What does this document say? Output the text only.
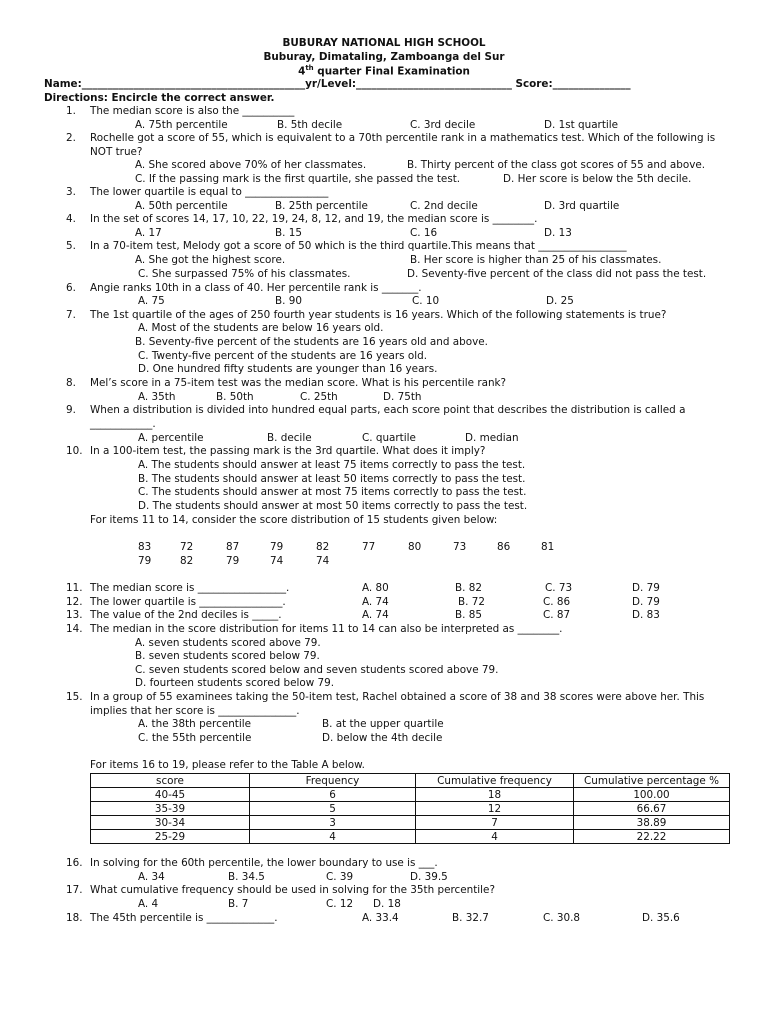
BUBURAY NATIONAL HIGH SCHOOL
Buburay, Dimataling, Zamboanga del Sur
4th quarter Final Examination
Name:___________________________________________yr/Level:______________________________ Score:_______________
Directions: Encircle the correct answer.
1. The median score is also the __________
A. 75th percentile	B. 5th decile	C. 3rd decile	D. 1st quartile
2. Rochelle got a score of 55, which is equivalent to a 70th percentile rank in a mathematics test. Which of the following is NOT true?
A. She scored above 70% of her classmates.	B. Thirty percent of the class got scores of 55 and above.
C. If the passing mark is the first quartile, she passed the test.	D. Her score is below the 5th decile.
3. The lower quartile is equal to ________________
A. 50th percentile	B. 25th percentile	C. 2nd decile	D. 3rd quartile
4. In the set of scores 14, 17, 10, 22, 19, 24, 8, 12, and 19, the median score is ________.
A. 17	B. 15	C. 16	D. 13
5. In a 70-item test, Melody got a score of 50 which is the third quartile.This means that _________________
A. She got the highest score.	B. Her score is higher than 25 of his classmates.
C. She surpassed 75% of his classmates.	D. Seventy-five percent of the class did not pass the test.
6. Angie ranks 10th in a class of 40. Her percentile rank is _______.
A. 75	B. 90	C. 10	D. 25
7. The 1st quartile of the ages of 250 fourth year students is 16 years. Which of the following statements is true?
A. Most of the students are below 16 years old.
B. Seventy-five percent of the students are 16 years old and above.
C. Twenty-five percent of the students are 16 years old.
D. One hundred fifty students are younger than 16 years.
8. Mel’s score in a 75-item test was the median score. What is his percentile rank?
A. 35th	B. 50th	C. 25th	D. 75th
9. When a distribution is divided into hundred equal parts, each score point that describes the distribution is called a ____________.
A. percentile	B. decile	C. quartile	D. median
10. In a 100-item test, the passing mark is the 3rd quartile. What does it imply?
A. The students should answer at least 75 items correctly to pass the test.
B. The students should answer at least 50 items correctly to pass the test.
C. The students should answer at most 75 items correctly to pass the test.
D. The students should answer at most 50 items correctly to pass the test.
For items 11 to 14, consider the score distribution of 15 students given below:
83	72	87	79	82	77	80	73	86	81
79	82	79	74	74
11. The median score is _________________.	A. 80	B. 82	C. 73	D. 79
12. The lower quartile is ________________.	A. 74	B. 72	C. 86	D. 79
13. The value of the 2nd deciles is _____.	A. 74	B. 85	C. 87	D. 83
14. The median in the score distribution for items 11 to 14 can also be interpreted as ________.
A. seven students scored above 79.
B. seven students scored below 79.
C. seven students scored below and seven students scored above 79.
D. fourteen students scored below 79.
15. In a group of 55 examinees taking the 50-item test, Rachel obtained a score of 38 and 38 scores were above her. This implies that her score is _______________.
A. the 38th percentile	B. at the upper quartile
C. the 55th percentile	D. below the 4th decile
For items 16 to 19, please refer to the Table A below.
score	Frequency	Cumulative frequency	Cumulative percentage %
40-45	6	18	100.00
35-39	5	12	66.67
30-34	3	7	38.89
25-29	4	4	22.22
16. In solving for the 60th percentile, the lower boundary to use is ___.
A. 34	B. 34.5	C. 39	D. 39.5
17. What cumulative frequency should be used in solving for the 35th percentile?
A. 4	B. 7	C. 12 D. 18
18. The 45th percentile is _____________.	A. 33.4	B. 32.7	C. 30.8	D. 35.6
